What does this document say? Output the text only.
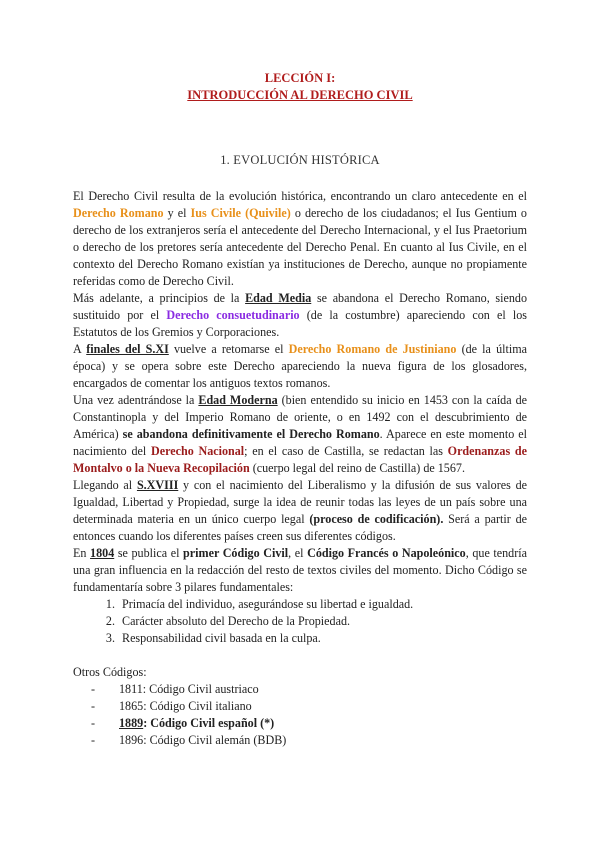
LECCIÓN I:
INTRODUCCIÓN AL DERECHO CIVIL
1. EVOLUCIÓN HISTÓRICA

El Derecho Civil resulta de la evolución histórica, encontrando un claro antecedente en el Derecho Romano y el Ius Civile (Quivile) o derecho de los ciudadanos; el Ius Gentium o derecho de los extranjeros sería el antecedente del Derecho Internacional, y el Ius Praetorium o derecho de los pretores sería antecedente del Derecho Penal. En cuanto al Ius Civile, en el contexto del Derecho Romano existían ya instituciones de Derecho, aunque no propiamente referidas como de Derecho Civil.

Más adelante, a principios de la Edad Media se abandona el Derecho Romano, siendo sustituido por el Derecho consuetudinario (de la costumbre) apareciendo con el los Estatutos de los Gremios y Corporaciones.

A finales del S.XI vuelve a retomarse el Derecho Romano de Justiniano (de la última época) y se opera sobre este Derecho apareciendo la nueva figura de los glosadores, encargados de comentar los antiguos textos romanos.

Una vez adentrándose la Edad Moderna (bien entendido su inicio en 1453 con la caída de Constantinopla y del Imperio Romano de oriente, o en 1492 con el descubrimiento de América) se abandona definitivamente el Derecho Romano. Aparece en este momento el nacimiento del Derecho Nacional; en el caso de Castilla, se redactan las Ordenanzas de Montalvo o la Nueva Recopilación (cuerpo legal del reino de Castilla) de 1567.

Llegando al S.XVIII y con el nacimiento del Liberalismo y la difusión de sus valores de Igualdad, Libertad y Propiedad, surge la idea de reunir todas las leyes de un país sobre una determinada materia en un único cuerpo legal (proceso de codificación). Será a partir de entonces cuando los diferentes países creen sus diferentes códigos.

En 1804 se publica el primer Código Civil, el Código Francés o Napoleónico, que tendría una gran influencia en la redacción del resto de textos civiles del momento. Dicho Código se fundamentaría sobre 3 pilares fundamentales:

1. Primacía del individuo, asegurándose su libertad e igualdad.
2. Carácter absoluto del Derecho de la Propiedad.
3. Responsabilidad civil basada en la culpa.

Otros Códigos:

- 1811: Código Civil austriaco
- 1865: Código Civil italiano
- 1889: Código Civil español (*)
- 1896: Código Civil alemán (BDB)
